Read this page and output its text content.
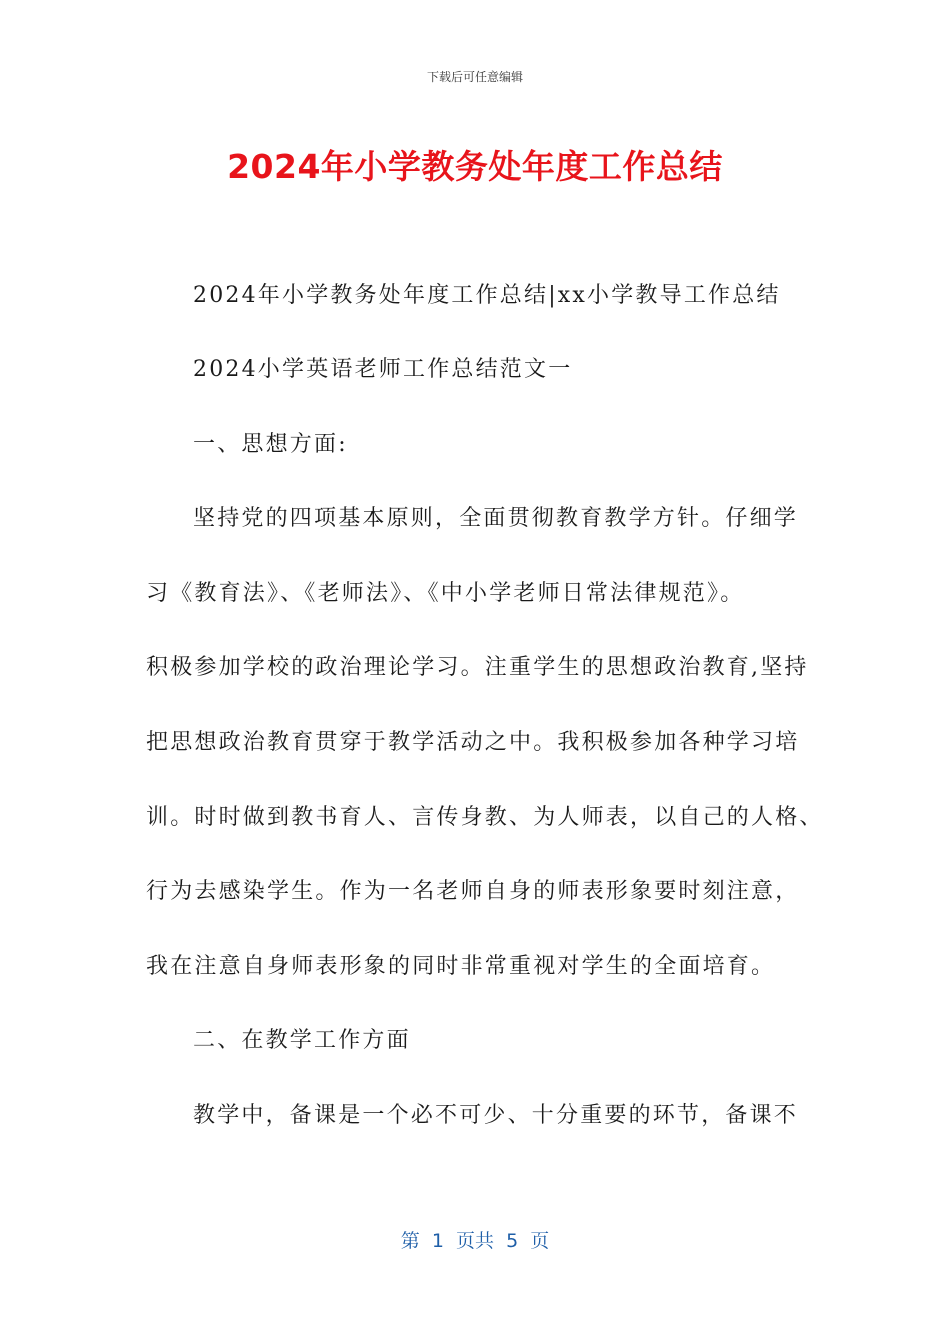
下载后可任意编辑
2024年小学教务处年度工作总结
2024年小学教务处年度工作总结|xx小学教导工作总结
2024小学英语老师工作总结范文一
一、思想方面:
坚持党的四项基本原则，全面贯彻教育教学方针。仔细学
习《教育法》、《老师法》、《中小学老师日常法律规范》。
积极参加学校的政治理论学习。注重学生的思想政治教育,坚持
把思想政治教育贯穿于教学活动之中。我积极参加各种学习培
训。时时做到教书育人、言传身教、为人师表，以自己的人格、
行为去感染学生。作为一名老师自身的师表形象要时刻注意，
我在注意自身师表形象的同时非常重视对学生的全面培育。
二、在教学工作方面
教学中，备课是一个必不可少、十分重要的环节，备课不
第  1  页共  5  页
